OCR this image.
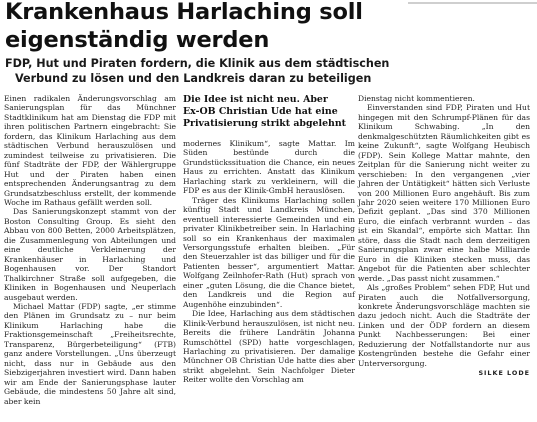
Krankenhaus Harlaching soll
eigenständig werden
FDP, Hut und Piraten fordern, die Klinik aus dem städtischen
Verbund zu lösen und den Landkreis daran zu beteiligen

Einen radikalen Änderungsvorschlag am Sanierungsplan für das Münchner Stadtklinikum hat am Dienstag die FDP mit ihren politischen Partnern eingebracht: Sie fordern, das Klinikum Harlaching aus dem städtischen Verbund herauszulösen und zumindest teilweise zu privatisieren. Die fünf Stadträte der FDP, der Wählergruppe Hut und der Piraten haben einen entsprechenden Änderungsantrag zu dem Grundsatzbeschluss erstellt, der kommende Woche im Rathaus gefällt werden soll.

Das Sanierungskonzept stammt von der Boston Consulting Group. Es sieht den Abbau von 800 Betten, 2000 Arbeitsplätzen, die Zusammenlegung von Abteilungen und eine deutliche Verkleinerung der Krankenhäuser in Harlaching und Bogenhausen vor. Der Standort Thalkirchner Straße soll aufgegeben, die Kliniken in Bogenhausen und Neuperlach ausgebaut werden.

Michael Mattar (FDP) sagte, „er stimme den Plänen im Grundsatz zu – nur beim Klinikum Harlaching habe die Fraktionsgemeinschaft „Freiheitsrechte, Transparenz, Bürgerbeteiligung“ (FTB) ganz andere Vorstellungen. „Uns überzeugt nicht, dass nur in Gebäude aus den Siebzigerjahren investiert wird. Dann haben wir am Ende der Sanierungsphase lauter Gebäude, die mindestens 50 Jahre alt sind, aber kein

Die Idee ist nicht neu. Aber
Ex-OB Christian Ude hat eine
Privatisierung strikt abgelehnt

modernes Klinikum“, sagte Mattar. Im Süden bestünde durch die Grundstückssituation die Chance, ein neues Haus zu errichten. Anstatt das Klinikum Harlaching stark zu verkleinern, will die FDP es aus der Klinik-GmbH herauslösen.

Träger des Klinikums Harlaching sollen künftig Stadt und Landkreis München, eventuell interessierte Gemeinden und ein privater Klinikbetreiber sein. In Harlaching soll so ein Krankenhaus der maximalen Versorgungsstufe erhalten bleiben. „Für den Steuerzahler ist das billiger und für die Patienten besser“, argumentiert Mattar. Wolfgang Zeilnhofer-Rath (Hut) sprach von einer „guten Lösung, die die Chance bietet, den Landkreis und die Region auf Augenhöhe einzubinden“.

Die Idee, Harlaching aus dem städtischen Klinik-Verbund herauszulösen, ist nicht neu. Bereits die frühere Landrätin Johanna Rumschöttel (SPD) hatte vorgeschlagen, Harlaching zu privatisieren. Der damalige Münchner OB Christian Ude hatte dies aber strikt abgelehnt. Sein Nachfolger Dieter Reiter wollte den Vorschlag am

Dienstag nicht kommentieren.

Einverstanden sind FDP, Piraten und Hut hingegen mit den Schrumpf-Plänen für das Klinikum Schwabing. „In den denkmalgeschützten Räumlichkeiten gibt es keine Zukunft“, sagte Wolfgang Heubisch (FDP). Sein Kollege Mattar mahnte, den Zeitplan für die Sanierung nicht weiter zu verschieben: In den vergangenen „vier Jahren der Untätigkeit“ hätten sich Verluste von 200 Millionen Euro angehäuft. Bis zum Jahr 2020 seien weitere 170 Millionen Euro Defizit geplant. „Das sind 370 Millionen Euro, die einfach verbrannt wurden – das ist ein Skandal“, empörte sich Mattar. Ihn störe, dass die Stadt nach dem derzeitigen Sanierungsplan zwar eine halbe Milliarde Euro in die Kliniken stecken muss, das Angebot für die Patienten aber schlechter werde. „Das passt nicht zusammen.“

Als „großes Problem“ sehen FDP, Hut und Piraten auch die Notfallversorgung, konkrete Änderungsvorschläge machten sie dazu jedoch nicht. Auch die Stadträte der Linken und der ÖDP fordern an diesem Punkt Nachbesserungen: Bei einer Reduzierung der Notfallstandorte nur aus Kostengründen bestehe die Gefahr einer Unterversorgung.

SILKE LODE
